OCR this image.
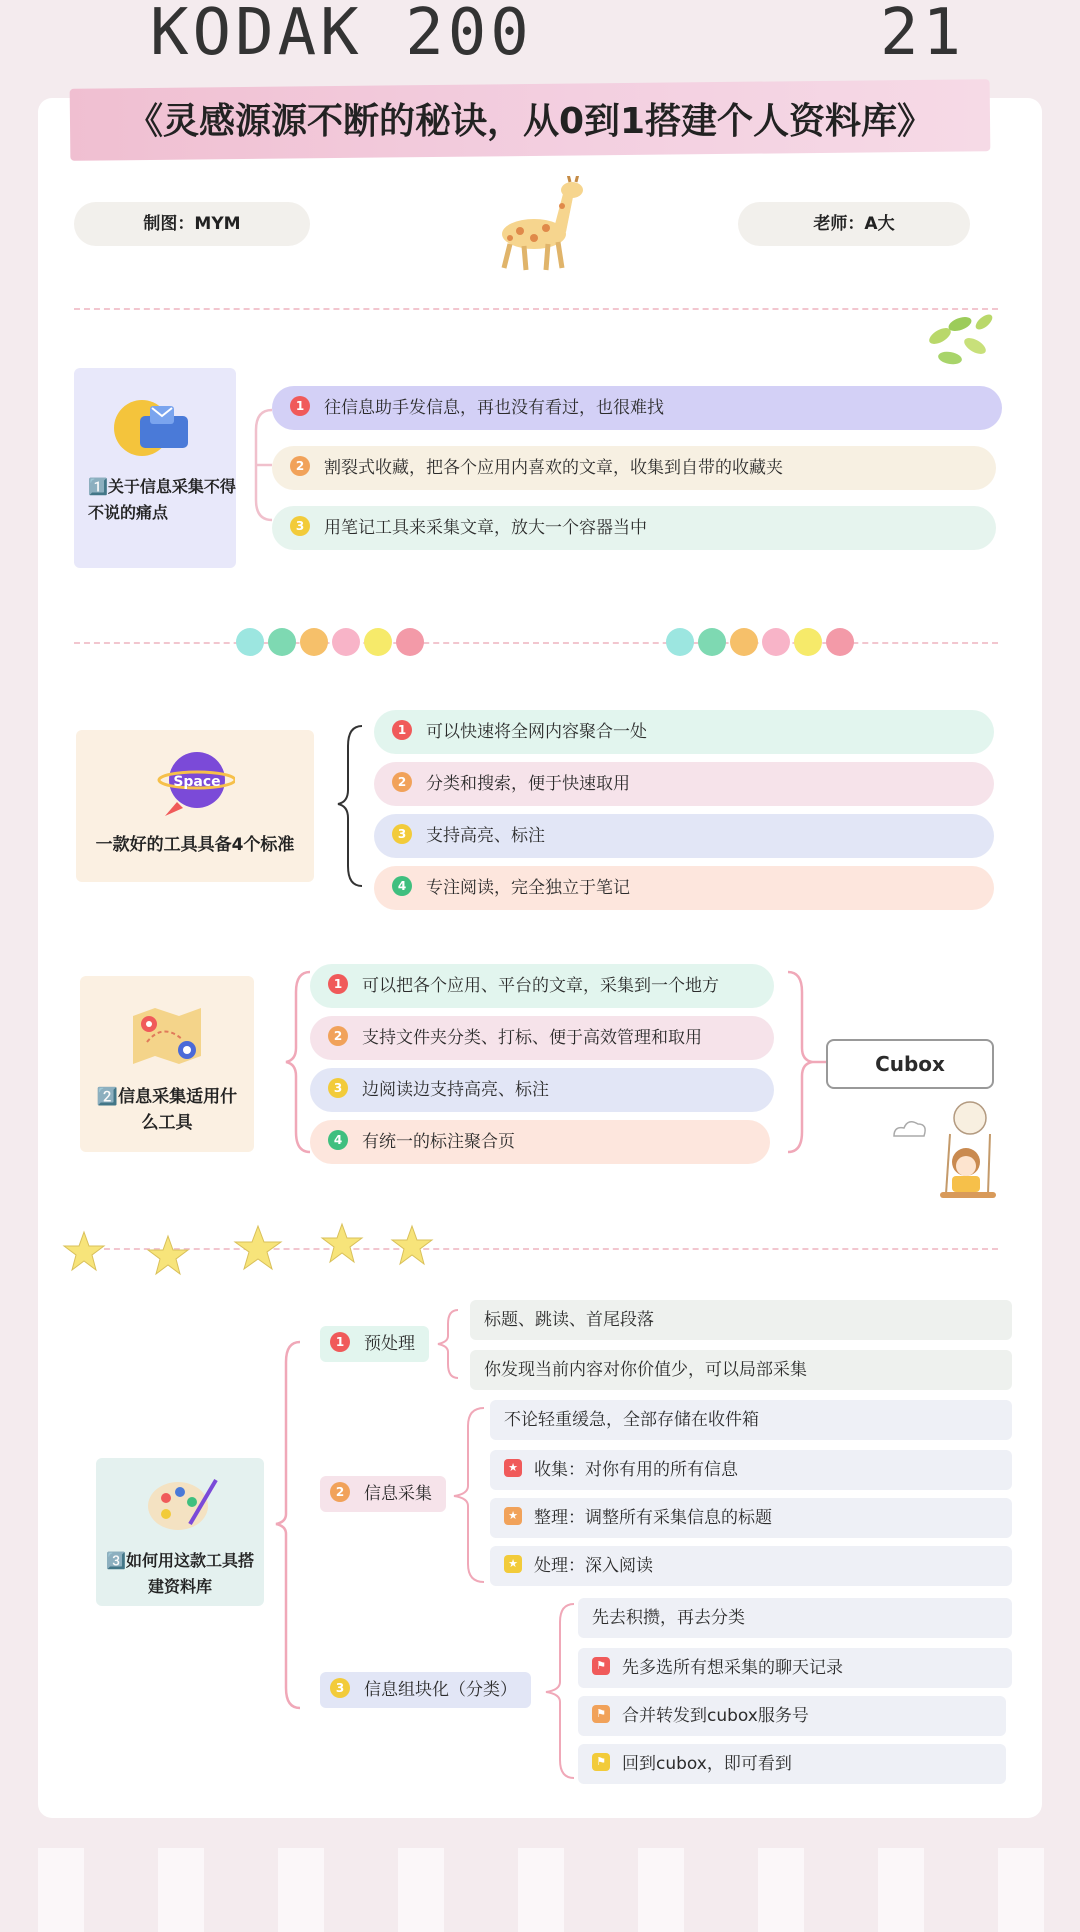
KODAK 200	21
《灵感源源不断的秘诀，从0到1搭建个人资料库》
制图：MYM	老师：A大
1️⃣关于信息采集不得不说的痛点
1 往信息助手发信息，再也没有看过，也很难找
2 割裂式收藏，把各个应用内喜欢的文章，收集到自带的收藏夹
3 用笔记工具来采集文章，放大一个容器当中
Space
一款好的工具具备4个标准
1 可以快速将全网内容聚合一处
2 分类和搜索，便于快速取用
3 支持高亮、标注
4 专注阅读，完全独立于笔记
2️⃣信息采集适用什么工具
1 可以把各个应用、平台的文章，采集到一个地方
2 支持文件夹分类、打标、便于高效管理和取用
3 边阅读边支持高亮、标注
4 有统一的标注聚合页
Cubox
3️⃣如何用这款工具搭建资料库
1 预处理
标题、跳读、首尾段落
你发现当前内容对你价值少，可以局部采集
2 信息采集
不论轻重缓急，全部存储在收件箱
★ 收集：对你有用的所有信息
★ 整理：调整所有采集信息的标题
★ 处理：深入阅读
3 信息组块化（分类）
先去积攒，再去分类
⚑ 先多选所有想采集的聊天记录
⚑ 合并转发到cubox服务号
⚑ 回到cubox，即可看到
